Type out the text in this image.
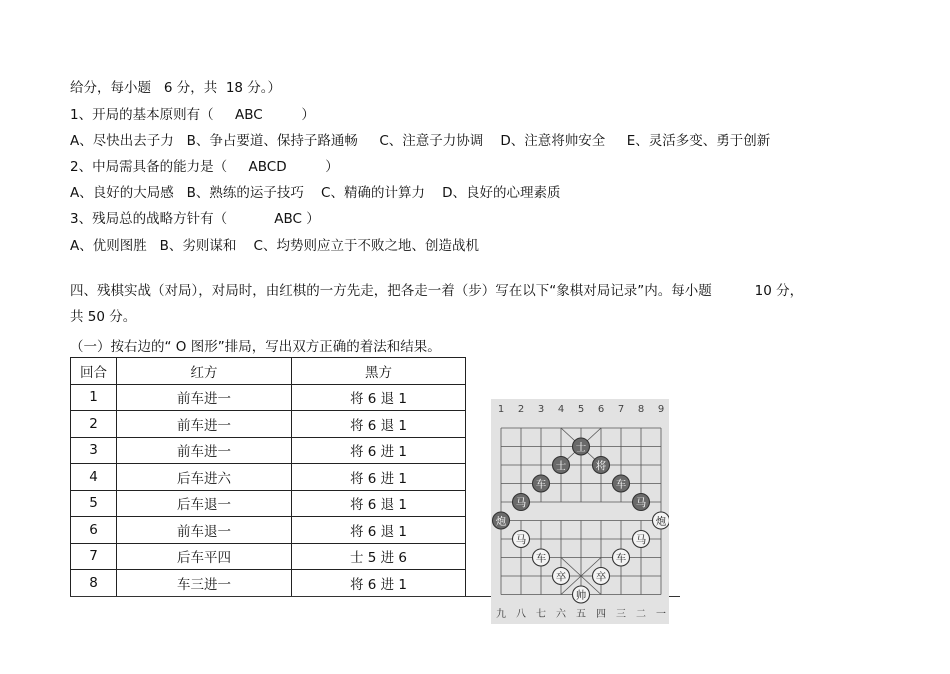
给分，每小题   6 分，共  18 分。）
1、开局的基本原则有（     ABC         ）
A、尽快出去子力   B、争占要道、保持子路通畅     C、注意子力协调    D、注意将帅安全     E、灵活多变、勇于创新
2、中局需具备的能力是（     ABCD         ）
A、良好的大局感   B、熟练的运子技巧    C、精确的计算力    D、良好的心理素质
3、残局总的战略方针有（           ABC ）
A、优则图胜   B、劣则谋和    C、均势则应立于不败之地、创造战机
四、残棋实战（对局），对局时，由红棋的一方先走，把各走一着（步）写在以下“象棋对局记录”内。每小题          10 分，
共 50 分。
（一）按右边的“ O 图形”排局，写出双方正确的着法和结果。
回合	红方	黑方
1	前车进一	将 6 退 1
2	前车进一	将 6 退 1
3	前车进一	将 6 进 1
4	后车进六	将 6 进 1
5	后车退一	将 6 退 1
6	前车退一	将 6 退 1
7	后车平四	士 5 进 6
8	车三进一	将 6 进 1
1 2 3 4 5 6 7 8 9
九 八 七 六 五 四 三 二 一
士
士	将
车	车
马	马
炮	炮
马	马
车	车
卒	卒
帅
